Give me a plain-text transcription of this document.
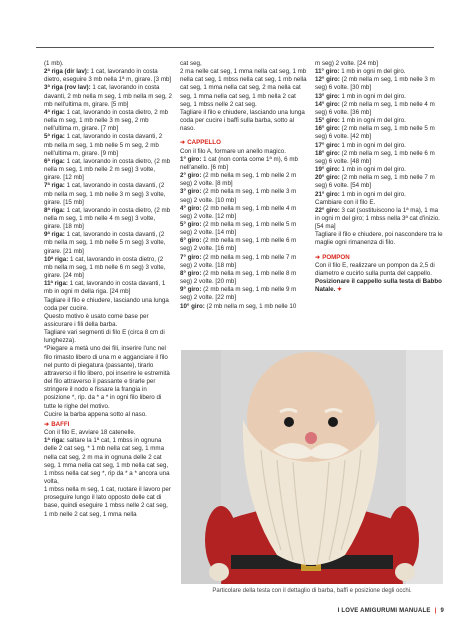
(1 mb).
2ª riga (dir lav): 1 cat, lavorando in costa dietro, eseguire 3 mb nella 1ª m, girare. [3 mb]
3ª riga (rov lav): 1 cat, lavorando in costa davanti, 2 mb nella m seg, 1 mb nella m seg, 2 mb nell'ultima m, girare. [5 mb]
4ª riga: 1 cat, lavorando in costa dietro, 2 mb nella m seg, 1 mb nelle 3 m seg, 2 mb nell'ultima m, girare. [7 mb]
5ª riga: 1 cat, lavorando in costa davanti, 2 mb nella m seg, 1 mb nelle 5 m seg, 2 mb nell'ultima m, girare. [9 mb]
6ª riga: 1 cat, lavorando in costa dietro, (2 mb nella m seg, 1 mb nelle 2 m seg) 3 volte, girare. [12 mb]
7ª riga: 1 cat, lavorando in costa davanti, (2 mb nella m seg, 1 mb nelle 3 m seg) 3 volte, girare. [15 mb]
8ª riga: 1 cat, lavorando in costa dietro, (2 mb nella m seg, 1 mb nelle 4 m seg) 3 volte, girare. [18 mb]
9ª riga: 1 cat, lavorando in costa davanti, (2 mb nella m seg, 1 mb nelle 5 m seg) 3 volte, girare. [21 mb]
10ª riga: 1 cat, lavorando in costa dietro, (2 mb nella m seg, 1 mb nelle 6 m seg) 3 volte, girare. [24 mb]
11ª riga: 1 cat, lavorando in costa davanti, 1 mb in ogni m della riga. [24 mb]
Tagliare il filo e chiudere, lasciando una lunga coda per cucire.
Questo motivo è usato come base per assicurare i fili della barba.
Tagliare vari segmenti di filo E (circa 8 cm di lunghezza).
*Piegare a metà uno dei fili, inserire l'unc nel filo rimasto libero di una m e agganciare il filo nel punto di piegatura (passante), tirarlo attraverso il filo libero, poi inserire le estremità del filo attraverso il passante e tirarle per stringere il nodo e fissare la frangia in posizione *, rip. da * a * in ogni filo libero di tutte le righe del motivo.
Cucire la barba appena sotto al naso.
➜ BAFFI
Con il filo E, avviare 18 catenelle.
1ª riga: saltare la 1ª cat, 1 mbss in ognuna delle 2 cat seg, * 1 mb nella cat seg, 1 mma nella cat seg, 2 m ma in ognuna delle 2 cat seg, 1 mma nella cat seg, 1 mb nella cat seg, 1 mbss nella cat seg *, rip da * a * ancora una volta,
1 mbss nella m seg, 1 cat, ruotare il lavoro per proseguire lungo il lato opposto delle cat di base, quindi eseguire 1 mbss nelle 2 cat seg, 1 mb nelle 2 cat seg, 1 mma nella
cat seg,
2 ma nelle cat seg, 1 mma nella cat seg, 1 mb nella cat seg, 1 mbss nella cat seg, 1 mb nella cat seg, 1 mma nella cat seg, 2 ma nella cat seg, 1 mma nella cat seg, 1 mb nella 2 cat seg, 1 mbss nelle 2 cat seg.
Tagliare il filo e chiudere, lasciando una lunga coda per cucire i baffi sulla barba, sotto al naso.
➜ CAPPELLO
Con il filo A, formare un anello magico.
1° giro: 1 cat (non conta come 1ª m), 6 mb nell'anello. [6 mb]
2° giro: (2 mb nella m seg, 1 mb nelle 2 m seg) 2 volte. [8 mb]
3° giro: (2 mb nella m seg, 1 mb nelle 3 m seg) 2 volte. [10 mb]
4° giro: (2 mb nella m seg, 1 mb nelle 4 m seg) 2 volte. [12 mb]
5° giro: (2 mb nella m seg, 1 mb nelle 5 m seg) 2 volte. [14 mb]
6° giro: (2 mb nella m seg, 1 mb nelle 6 m seg) 2 volte. [16 mb]
7° giro: (2 mb nella m seg, 1 mb nelle 7 m seg) 2 volte. [18 mb]
8° giro: (2 mb nella m seg, 1 mb nelle 8 m seg) 2 volte. [20 mb]
9° giro: (2 mb nella m seg, 1 mb nelle 9 m seg) 2 volte. [22 mb]
10° giro: (2 mb nella m seg, 1 mb nelle 10
m seg) 2 volte. [24 mb]
11° giro: 1 mb in ogni m del giro.
12° giro: (2 mb nella m seg, 1 mb nelle 3 m seg) 6 volte. [30 mb]
13° giro: 1 mb in ogni m del giro.
14° giro: (2 mb nella m seg, 1 mb nelle 4 m seg) 6 volte. [36 mb]
15° giro: 1 mb in ogni m del giro.
16° giro: (2 mb nella m seg, 1 mb nelle 5 m seg) 6 volte. [42 mb]
17° giro: 1 mb in ogni m del giro.
18° giro: (2 mb nella m seg, 1 mb nelle 6 m seg) 6 volte. [48 mb]
19° giro: 1 mb in ogni m del giro.
20° giro: (2 mb nella m seg, 1 mb nelle 7 m seg) 6 volte. [54 mb]
21° giro: 1 mb in ogni m del giro.
Cambiare con il filo E.
22° giro: 3 cat (sostituiscono la 1ª ma), 1 ma in ogni m del giro; 1 mbss nella 3ª cat d'inizio. [54 ma]
Tagliare il filo e chiudere, poi nascondere tra le maglie ogni rimanenza di filo.
➜ POMPON
Con il filo E, realizzare un pompon da 2,5 di diametro e cucirlo sulla punta del cappello.
Posizionare il cappello sulla testa di Babbo Natale. ✦
Particolare della testa con il dettaglio di barba, baffi e posizione degli occhi.
I LOVE AMIGURUMI MANUALE | 9
